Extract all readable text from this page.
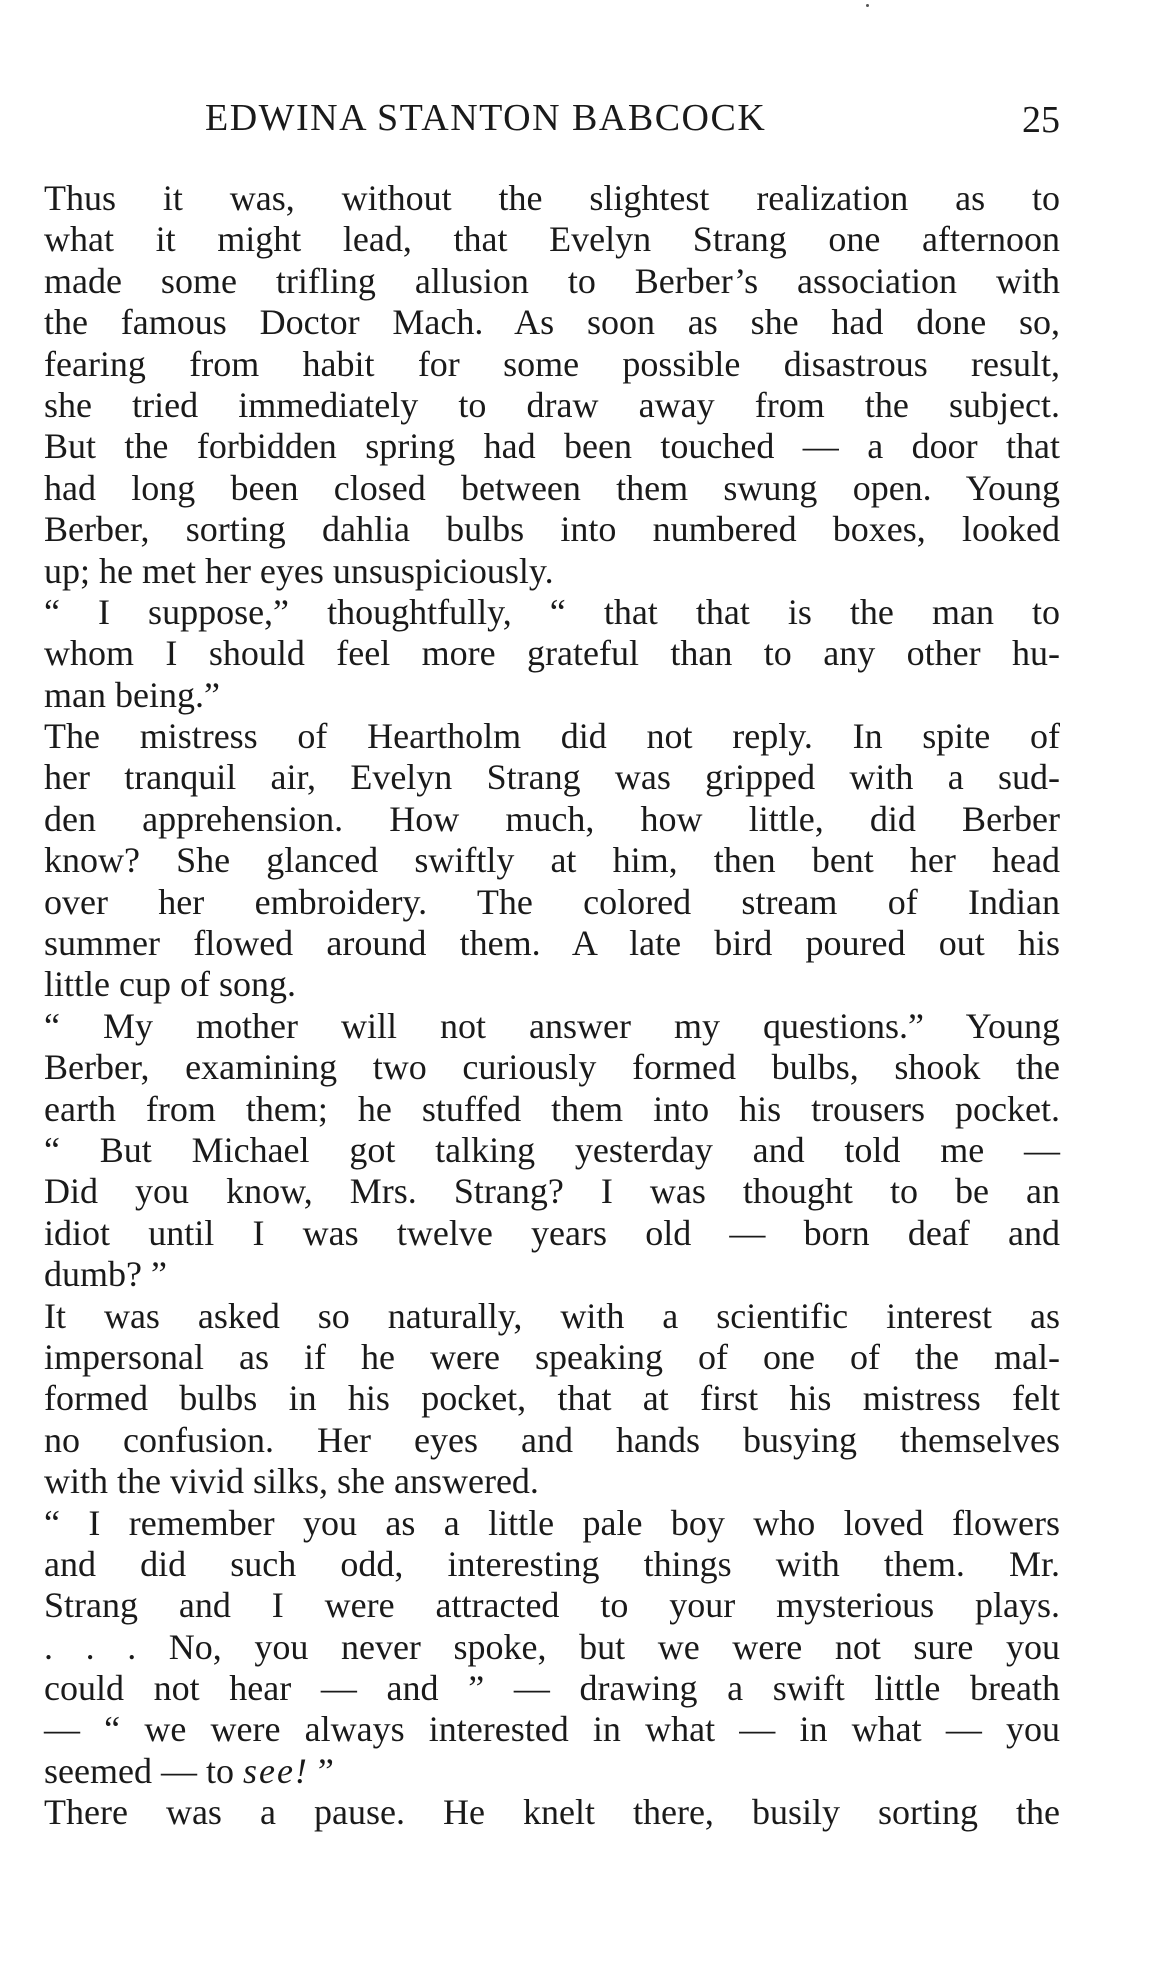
EDWINA STANTON BABCOCK	25
Thus it was, without the slightest realization as to
what it might lead, that Evelyn Strang one afternoon
made some trifling allusion to Berber’s association with
the famous Doctor Mach. As soon as she had done so,
fearing from habit for some possible disastrous result,
she tried immediately to draw away from the subject.
But the forbidden spring had been touched — a door that
had long been closed between them swung open. Young
Berber, sorting dahlia bulbs into numbered boxes, looked
up; he met her eyes unsuspiciously.
“ I suppose,” thoughtfully, “ that that is the man to
whom I should feel more grateful than to any other hu-
man being.”
The mistress of Heartholm did not reply. In spite of
her tranquil air, Evelyn Strang was gripped with a sud-
den apprehension. How much, how little, did Berber
know? She glanced swiftly at him, then bent her head
over her embroidery. The colored stream of Indian
summer flowed around them. A late bird poured out his
little cup of song.
“ My mother will not answer my questions.” Young
Berber, examining two curiously formed bulbs, shook the
earth from them; he stuffed them into his trousers pocket.
“ But Michael got talking yesterday and told me —
Did you know, Mrs. Strang? I was thought to be an
idiot until I was twelve years old — born deaf and
dumb? ”
It was asked so naturally, with a scientific interest as
impersonal as if he were speaking of one of the mal-
formed bulbs in his pocket, that at first his mistress felt
no confusion. Her eyes and hands busying themselves
with the vivid silks, she answered.
“ I remember you as a little pale boy who loved flowers
and did such odd, interesting things with them. Mr.
Strang and I were attracted to your mysterious plays.
. . . No, you never spoke, but we were not sure you
could not hear — and ” — drawing a swift little breath
— “ we were always interested in what — in what — you
seemed — to see! ”
There was a pause. He knelt there, busily sorting the
